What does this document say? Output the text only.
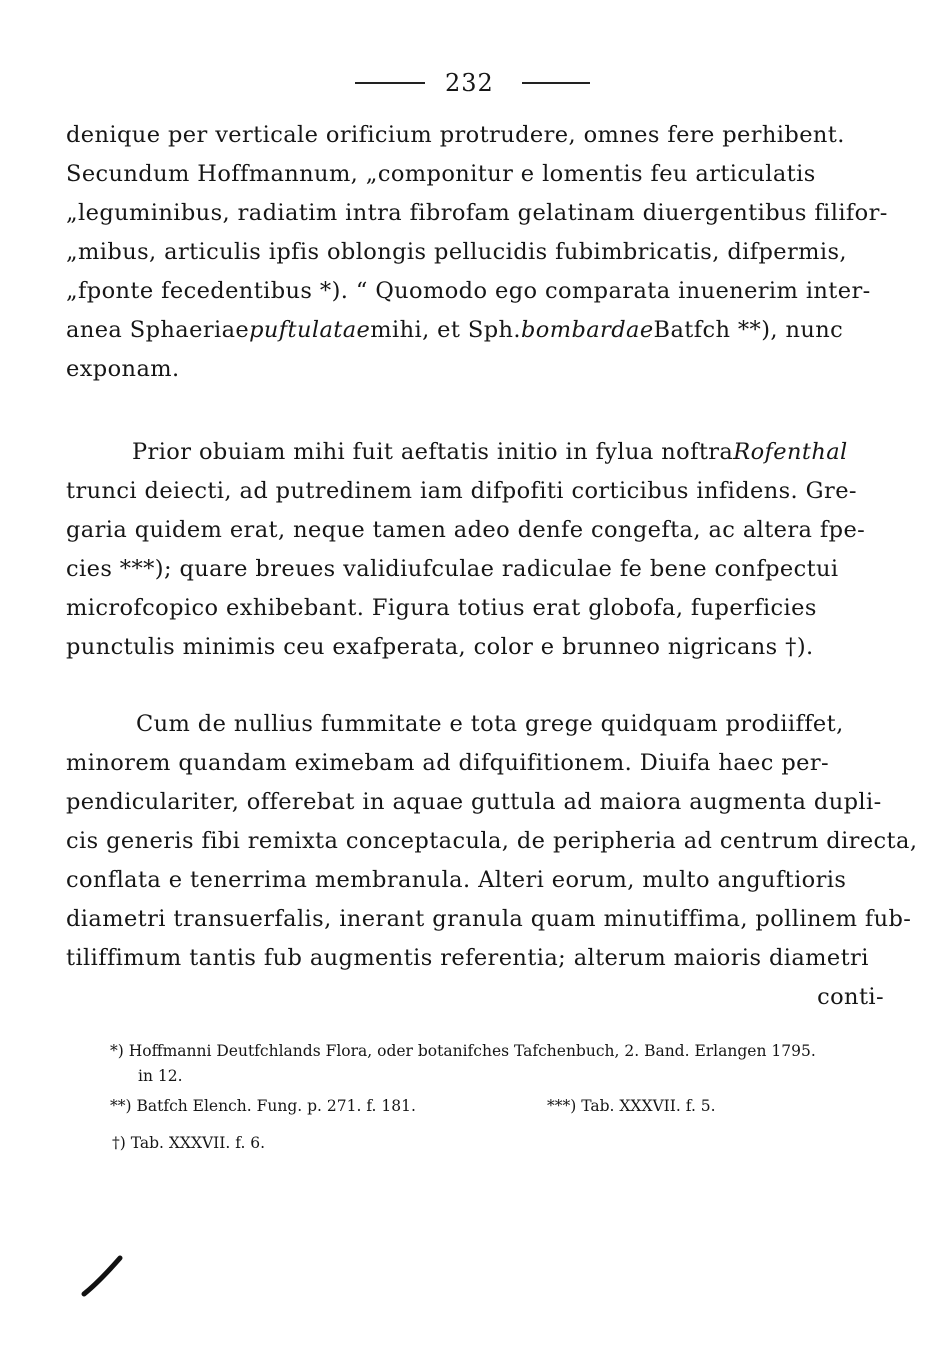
232
denique per verticale orificium protrudere, omnes fere perhibent.
Secundum Hoffmannum, „componitur e lomentis feu articulatis
„leguminibus, radiatim intra fibrofam gelatinam diuergentibus filifor-
„mibus, articulis ipfis oblongis pellucidis fubimbricatis, difpermis,
„fponte fecedentibus *). “ Quomodo ego comparata inuenerim inter-
anea Sphaeriaepuftulataemihi, et Sph.bombardaeBatfch **), nunc
exponam.
Prior obuiam mihi fuit aeftatis initio in fylua noftraRofenthal
trunci deiecti, ad putredinem iam difpofiti corticibus infidens. Gre-
garia quidem erat, neque tamen adeo denfe congefta, ac altera fpe-
cies ***); quare breues validiufculae radiculae fe bene confpectui
microfcopico exhibebant. Figura totius erat globofa, fuperficies
punctulis minimis ceu exafperata, color e brunneo nigricans †).
Cum de nullius fummitate e tota grege quidquam prodiiffet,
minorem quandam eximebam ad difquifitionem. Diuifa haec per-
pendiculariter, offerebat in aquae guttula ad maiora augmenta dupli-
cis generis fibi remixta conceptacula, de peripheria ad centrum directa,
conflata e tenerrima membranula. Alteri eorum, multo anguftioris
diametri transuerfalis, inerant granula quam minutiffima, pollinem fub-
tiliffimum tantis fub augmentis referentia; alterum maioris diametri
conti-
*) Hoffmanni Deutfchlands Flora, oder botanifches Tafchenbuch, 2. Band. Erlangen 1795.
in 12.
**) Batfch Elench. Fung. p. 271. f. 181.	***) Tab. XXXVII. f. 5.
†) Tab. XXXVII. f. 6.
